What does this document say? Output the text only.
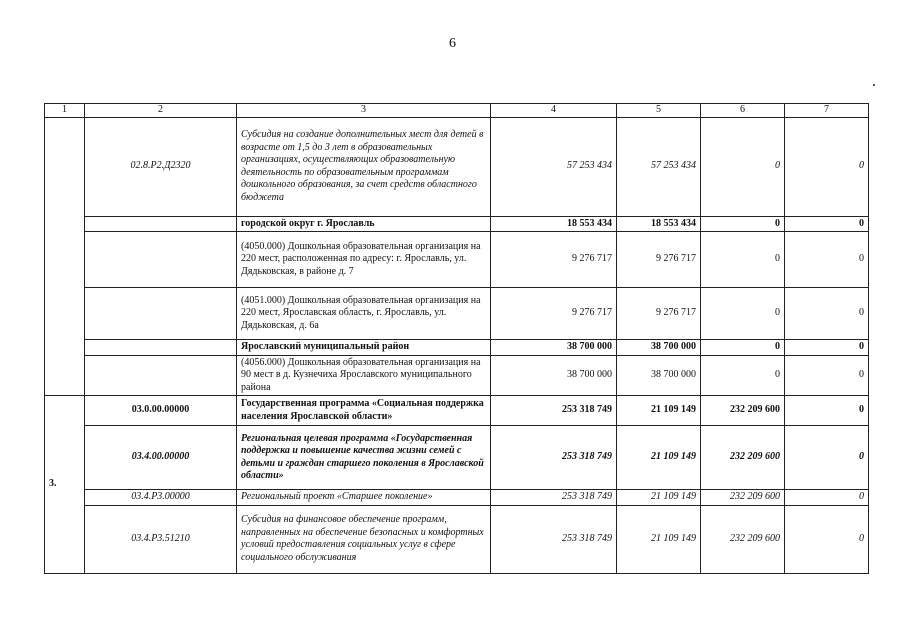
6
1	2	3	4	5	6	7
	02.8.Р2.Д2320	Субсидия на создание дополнительных мест для детей в возрасте от 1,5 до 3 лет в образовательных организациях, осуществляющих образовательную деятельность по образовательным программам дошкольного образования, за счет средств областного бюджета	57 253 434	57 253 434	0	0
		городской округ г. Ярославль	18 553 434	18 553 434	0	0
		(4050.000) Дошкольная образовательная организация на 220 мест, расположенная по адресу: г. Ярославль, ул. Дядьковская, в районе д. 7	9 276 717	9 276 717	0	0
		(4051.000) Дошкольная образовательная организация на 220 мест, Ярославская область, г. Ярославль, ул. Дядьковская, д. 6а	9 276 717	9 276 717	0	0
		Ярославский муниципальный район	38 700 000	38 700 000	0	0
		(4056.000) Дошкольная образовательная организация на 90 мест в д. Кузнечиха Ярославского муниципального района	38 700 000	38 700 000	0	0
3.	03.0.00.00000	Государственная программа «Социальная поддержка населения Ярославской области»	253 318 749	21 109 149	232 209 600	0
	03.4.00.00000	Региональная целевая программа «Государственная поддержка и повышение качества жизни семей с детьми и граждан старшего поколения в Ярославской области»	253 318 749	21 109 149	232 209 600	0
	03.4.Р3.00000	Региональный проект «Старшее поколение»	253 318 749	21 109 149	232 209 600	0
	03.4.Р3.51210	Субсидия на финансовое обеспечение программ, направленных на обеспечение безопасных и комфортных условий предоставления социальных услуг в сфере социального обслуживания	253 318 749	21 109 149	232 209 600	0
